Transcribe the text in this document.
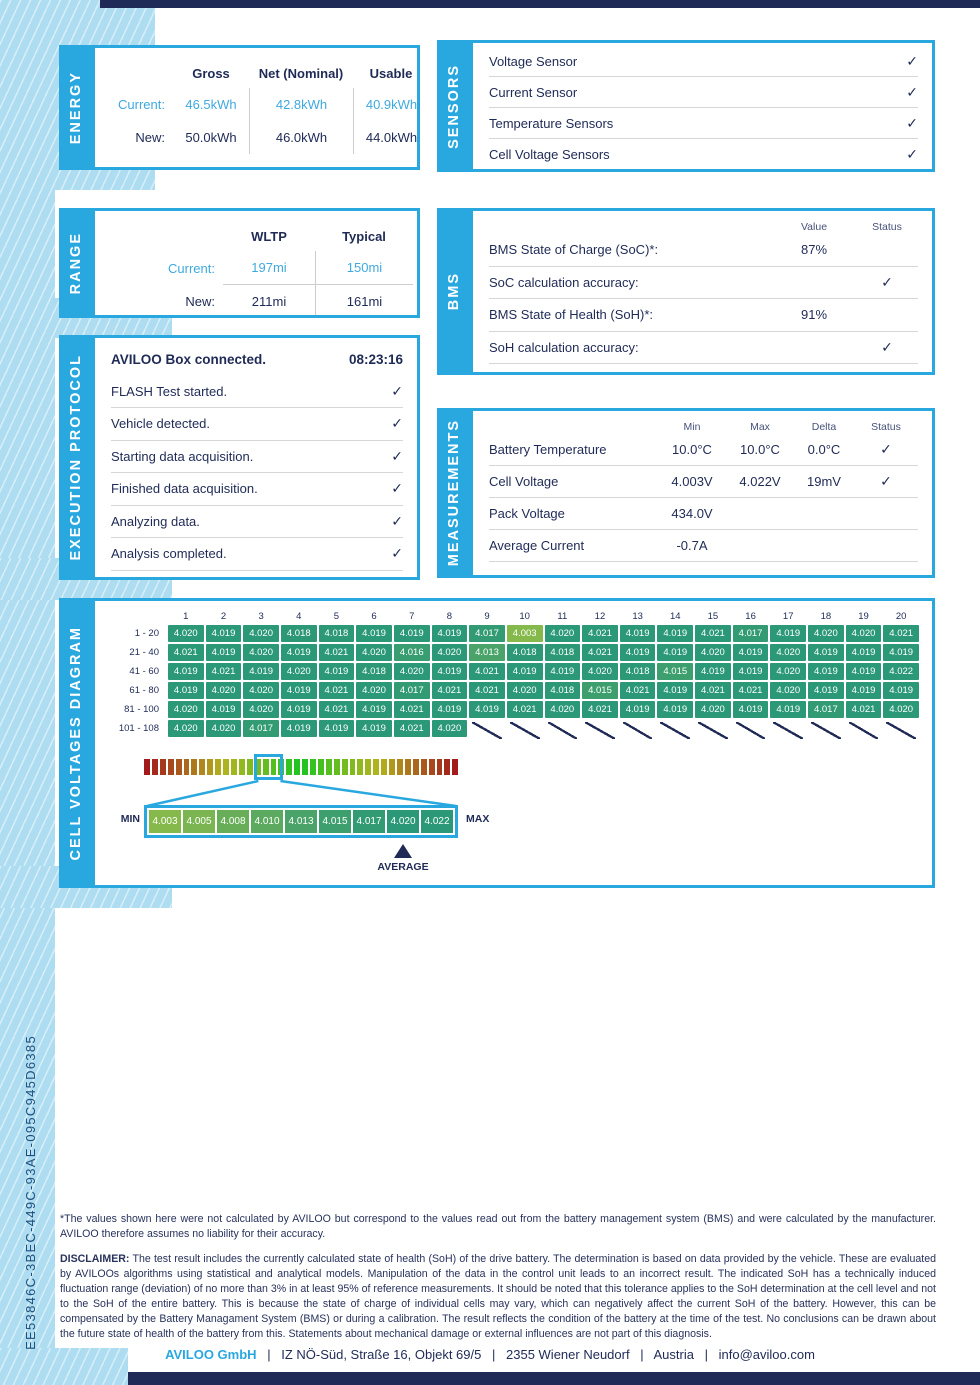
ENERGY	Gross	Net (Nominal)	Usable
Current:	46.5kWh	42.8kWh	40.9kWh
New:	50.0kWh	46.0kWh	44.0kWh	SENSORS
Voltage Sensor	✓
Current Sensor	✓
Temperature Sensors	✓
Cell Voltage Sensors	✓
RANGE	WLTP	Typical
Current:	197mi	150mi
New:	211mi	161mi	BMS
Value	Status
BMS State of Charge (SoC)*:	87%
SoC calculation accuracy:	✓
BMS State of Health (SoH)*:	91%
SoH calculation accuracy:	✓
EXECUTION PROTOCOL AVILOO Box connected.	08:23:16
FLASH Test started.	✓
Vehicle detected.	✓
Starting data acquisition.	✓
Finished data acquisition.	✓
Analyzing data.	✓
Analysis completed.	✓	MEASUREMENTS	Min	Max	Delta	Status
Battery Temperature	10.0°C	10.0°C	0.0°C	✓
Cell Voltage	4.003V	4.022V	19mV	✓
Pack Voltage	434.0V
Average Current	-0.7A
CELL VOLTAGES DIAGRAM
1	2	3	4	5	6	7	8	9	10	11	12	13	14	15	16	17	18	19	20
1 - 20	4.020	4.019	4.020	4.018	4.018	4.019	4.019	4.019	4.017	4.003	4.020	4.021	4.019	4.019	4.021	4.017	4.019	4.020	4.020	4.021
21 - 40	4.021	4.019	4.020	4.019	4.021	4.020	4.016	4.020	4.013	4.018	4.018	4.021	4.019	4.019	4.020	4.019	4.020	4.019	4.019	4.019
41 - 60	4.019	4.021	4.019	4.020	4.019	4.018	4.020	4.019	4.021	4.019	4.019	4.020	4.018	4.015	4.019	4.019	4.020	4.019	4.019	4.022
61 - 80	4.019	4.020	4.020	4.019	4.021	4.020	4.017	4.021	4.021	4.020	4.018	4.015	4.021	4.019	4.021	4.021	4.020	4.019	4.019	4.019
81 - 100	4.020	4.019	4.020	4.019	4.021	4.019	4.021	4.019	4.019	4.021	4.020	4.021	4.019	4.019	4.020	4.019	4.019	4.017	4.021	4.020
101 - 108	4.020	4.020	4.017	4.019	4.019	4.019	4.021	4.020
MIN	4.003 4.005 4.008 4.010 4.013 4.015 4.017 4.020 4.022	MAX
AVERAGE
EE53846C-3BEC-449C-93AE-095C945D6385 *The values shown here were not calculated by AVILOO but correspond to the values read out from the battery management system (BMS) and were calculated by the manufacturer. AVILOO therefore assumes no liability for their accuracy.
DISCLAIMER: The test result includes the currently calculated state of health (SoH) of the drive battery. The determination is based on data provided by the vehicle. These are evaluated by AVILOOs algorithms using statistical and analytical models. Manipulation of the data in the control unit leads to an incorrect result. The indicated SoH has a technically induced fluctuation range (deviation) of no more than 3% in at least 95% of reference measurements. It should be noted that this tolerance applies to the SoH determination at the cell level and not to the SoH of the entire battery. This is because the state of charge of individual cells may vary, which can negatively affect the current SoH of the battery. However, this can be compensated by the Battery Managament System (BMS) or during a calibration. The result reflects the condition of the battery at the time of the test. No conclusions can be drawn about the future state of health of the battery from this. Statements about mechanical damage or external influences are not part of this diagnosis.
AVILOO GmbH | IZ NÖ-Süd, Straße 16, Objekt 69/5 | 2355 Wiener Neudorf | Austria | info@aviloo.com
